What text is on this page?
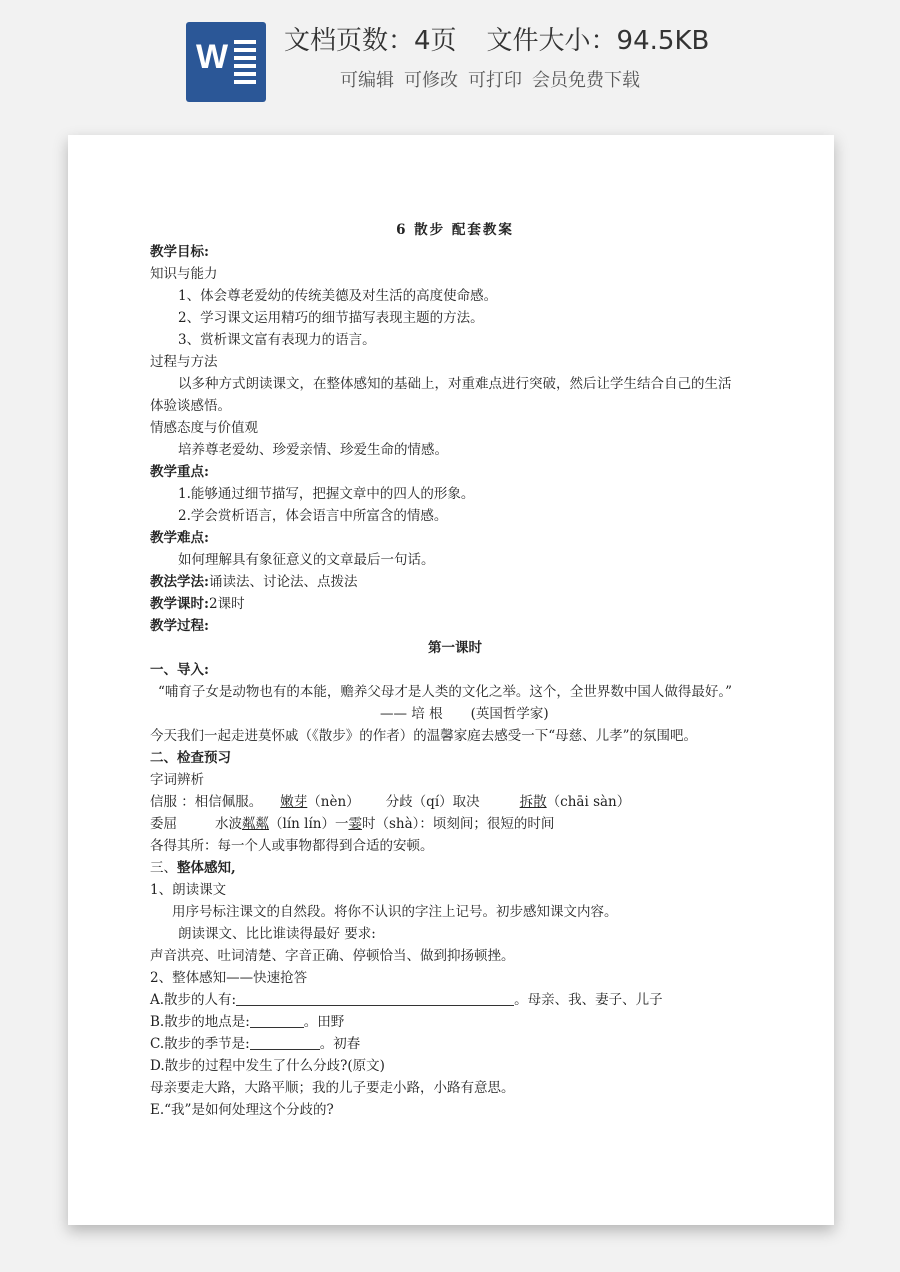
W 文档页数：4页 文件大小：94.5KB
可编辑 可修改 可打印 会员免费下载
6 散步 配套教案
教学目标:
知识与能力
1、体会尊老爱幼的传统美德及对生活的高度使命感。
2、学习课文运用精巧的细节描写表现主题的方法。
3、赏析课文富有表现力的语言。
过程与方法
以多种方式朗读课文，在整体感知的基础上，对重难点进行突破，然后让学生结合自己的生活
体验谈感悟。
情感态度与价值观
培养尊老爱幼、珍爱亲情、珍爱生命的情感。
教学重点:
1.能够通过细节描写，把握文章中的四人的形象。
2.学会赏析语言，体会语言中所富含的情感。
教学难点:
如何理解具有象征意义的文章最后一句话。
教法学法:诵读法、讨论法、点拨法
教学课时:2课时
教学过程:
第一课时
一、导入:
“哺育子女是动物也有的本能，赡养父母才是人类的文化之举。这个，全世界数中国人做得最好。”
—— 培 根 (英国哲学家)
今天我们一起走进莫怀戚（《散步》的作者）的温馨家庭去感受一下“母慈、儿孝”的氛围吧。
二、检查预习
字词辨析
信服 ：相信佩服。 嫩芽（nèn） 分歧（qí）取决	拆散（chāi sàn）
委屈	水波粼粼（lín lín）一霎时（shà）：顷刻间；很短的时间
各得其所：每一个人或事物都得到合适的安顿。
三、整体感知,
1、朗读课文
用序号标注课文的自然段。将你不认识的字注上记号。初步感知课文内容。
朗读课文、比比谁读得最好 要求:
声音洪亮、吐词清楚、字音正确、停顿恰当、做到抑扬顿挫。
2、整体感知——快速抢答
A.散步的人有:	。母亲、我、妻子、儿子
B.散步的地点是:	。田野
C.散步的季节是:	。初春
D.散步的过程中发生了什么分歧?(原文)
母亲要走大路，大路平顺；我的儿子要走小路，小路有意思。
E.“我”是如何处理这个分歧的?
